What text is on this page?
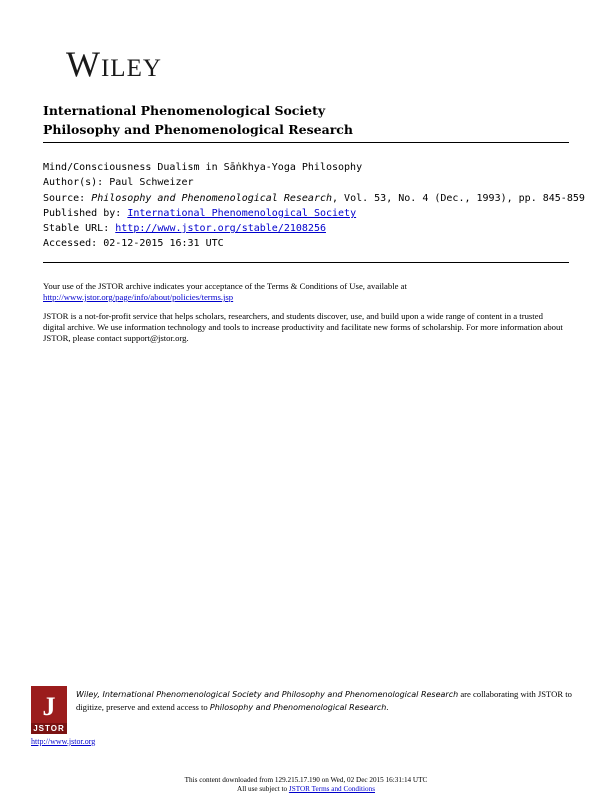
Wiley
International Phenomenological Society
Philosophy and Phenomenological Research
Mind/Consciousness Dualism in Sāṅkhya-Yoga Philosophy
Author(s): Paul Schweizer
Source: Philosophy and Phenomenological Research, Vol. 53, No. 4 (Dec., 1993), pp. 845-859
Published by: International Phenomenological Society
Stable URL: http://www.jstor.org/stable/2108256
Accessed: 02-12-2015 16:31 UTC

Your use of the JSTOR archive indicates your acceptance of the Terms & Conditions of Use, available at http://www.jstor.org/page/info/about/policies/terms.jsp

JSTOR is a not-for-profit service that helps scholars, researchers, and students discover, use, and build upon a wide range of content in a trusted digital archive. We use information technology and tools to increase productivity and facilitate new forms of scholarship. For more information about JSTOR, please contact support@jstor.org.

J
JSTOR
http://www.jstor.org
Wiley, International Phenomenological Society and Philosophy and Phenomenological Research are collaborating with JSTOR to digitize, preserve and extend access to Philosophy and Phenomenological Research.
This content downloaded from 129.215.17.190 on Wed, 02 Dec 2015 16:31:14 UTC
All use subject to JSTOR Terms and Conditions
